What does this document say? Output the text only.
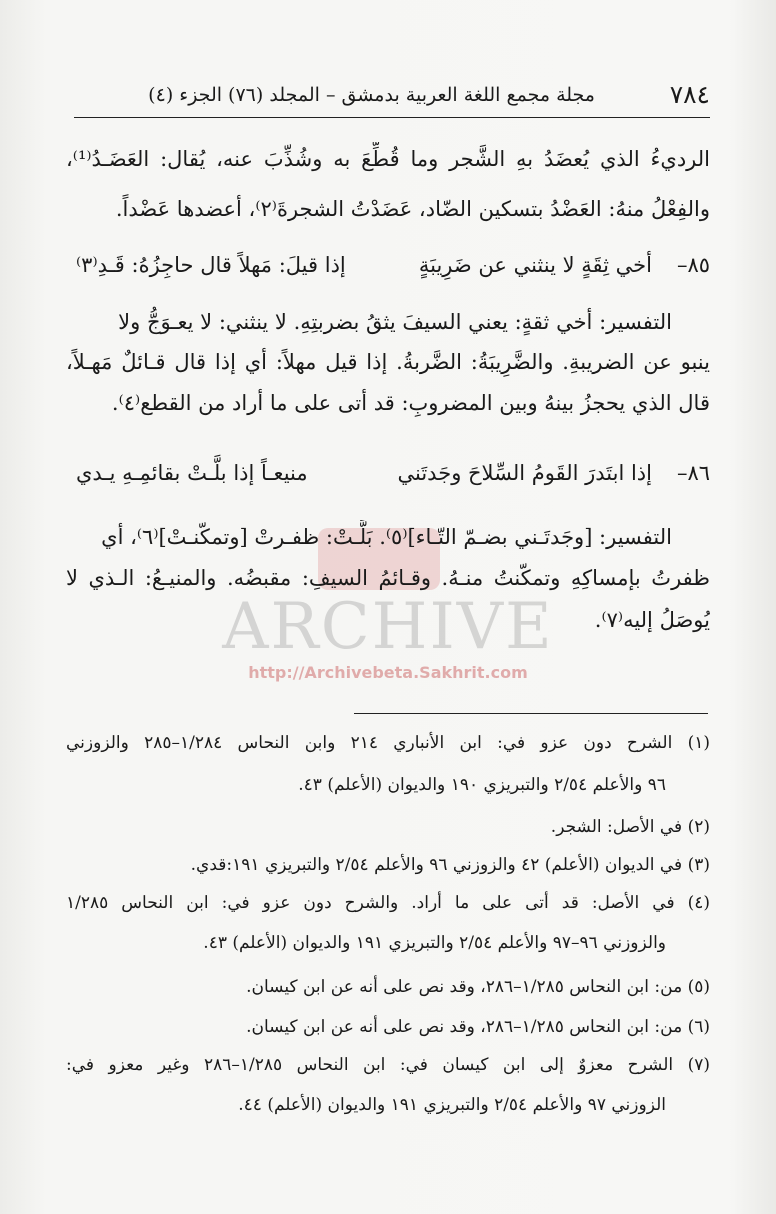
٧٨٤
مجلة مجمع اللغة العربية بدمشق – المجلد (٧٦) الجزء (٤)
الرديءُ الذي يُعضَدُ بهِ الشَّجر وما قُطِّعَ به وشُذِّبَ عنه، يُقال: العَضَـدُ⁽¹⁾،
والفِعْلُ منهُ: العَضْدُ بتسكين الضّاد، عَضَدْتُ الشجرةَ⁽٢⁾، أعضدها عَضْداً.
٨٥–
أخي ثِقَةٍ لا ينثني عن ضَرِيبَةٍ
إذا قيلَ: مَهلاً قال حاجِزُهُ: قَـدِ⁽٣⁾
التفسير: أخي ثقةٍ: يعني السيفَ يثقُ بضربتِهِ. لا ينثني: لا يعـوَجُّ ولا
ينبو عن الضريبةِ. والضَّرِيبَةُ: الضَّربةُ. إذا قيل مهلاً: أي إذا قال قـائلٌ مَهـلاً،
قال الذي يحجزُ بينهُ وبين المضروبِ: قد أتى على ما أراد من القطع⁽٤⁾.
٨٦–
إذا ابتَدرَ القَومُ السِّلاحَ وجَدتَني
منيعـاً إذا بلَّـتْ بقائمِـهِ يـدي
التفسير: [وجَدتَـني بضـمّ التّـاء]⁽٥⁾. بَلَّـتْ: ظفـرتْ [وتمكّنـتْ]⁽٦⁾، أي
ظفرتُ بإمساكِهِ وتمكّنتُ منـهُ. وقـائمُ السيفِ: مقبضُه. والمنيـعُ: الـذي لا
يُوصَلُ إليه⁽٧⁾.
ARCHIVE
http://Archivebeta.Sakhrit.com
(١) الشرح دون عزو في: ابن الأنباري ٢١٤ وابن النحاس ١/٢٨٤–٢٨٥ والزوزني
٩٦ والأعلم ٢/٥٤ والتبريزي ١٩٠ والديوان (الأعلم) ٤٣.
(٢) في الأصل: الشجر.
(٣) في الديوان (الأعلم) ٤٢ والزوزني ٩٦ والأعلم ٢/٥٤ والتبريزي ١٩١:قدي.
(٤) في الأصل: قد أتى على ما أراد. والشرح دون عزو في: ابن النحاس ١/٢٨٥
والزوزني ٩٦–٩٧ والأعلم ٢/٥٤ والتبريزي ١٩١ والديوان (الأعلم) ٤٣.
(٥) من: ابن النحاس ١/٢٨٥–٢٨٦، وقد نص على أنه عن ابن كيسان.
(٦) من: ابن النحاس ١/٢٨٥–٢٨٦، وقد نص على أنه عن ابن كيسان.
(٧) الشرح معزوٌ إلى ابن كيسان في: ابن النحاس ١/٢٨٥–٢٨٦ وغير معزو في:
الزوزني ٩٧ والأعلم ٢/٥٤ والتبريزي ١٩١ والديوان (الأعلم) ٤٤.
